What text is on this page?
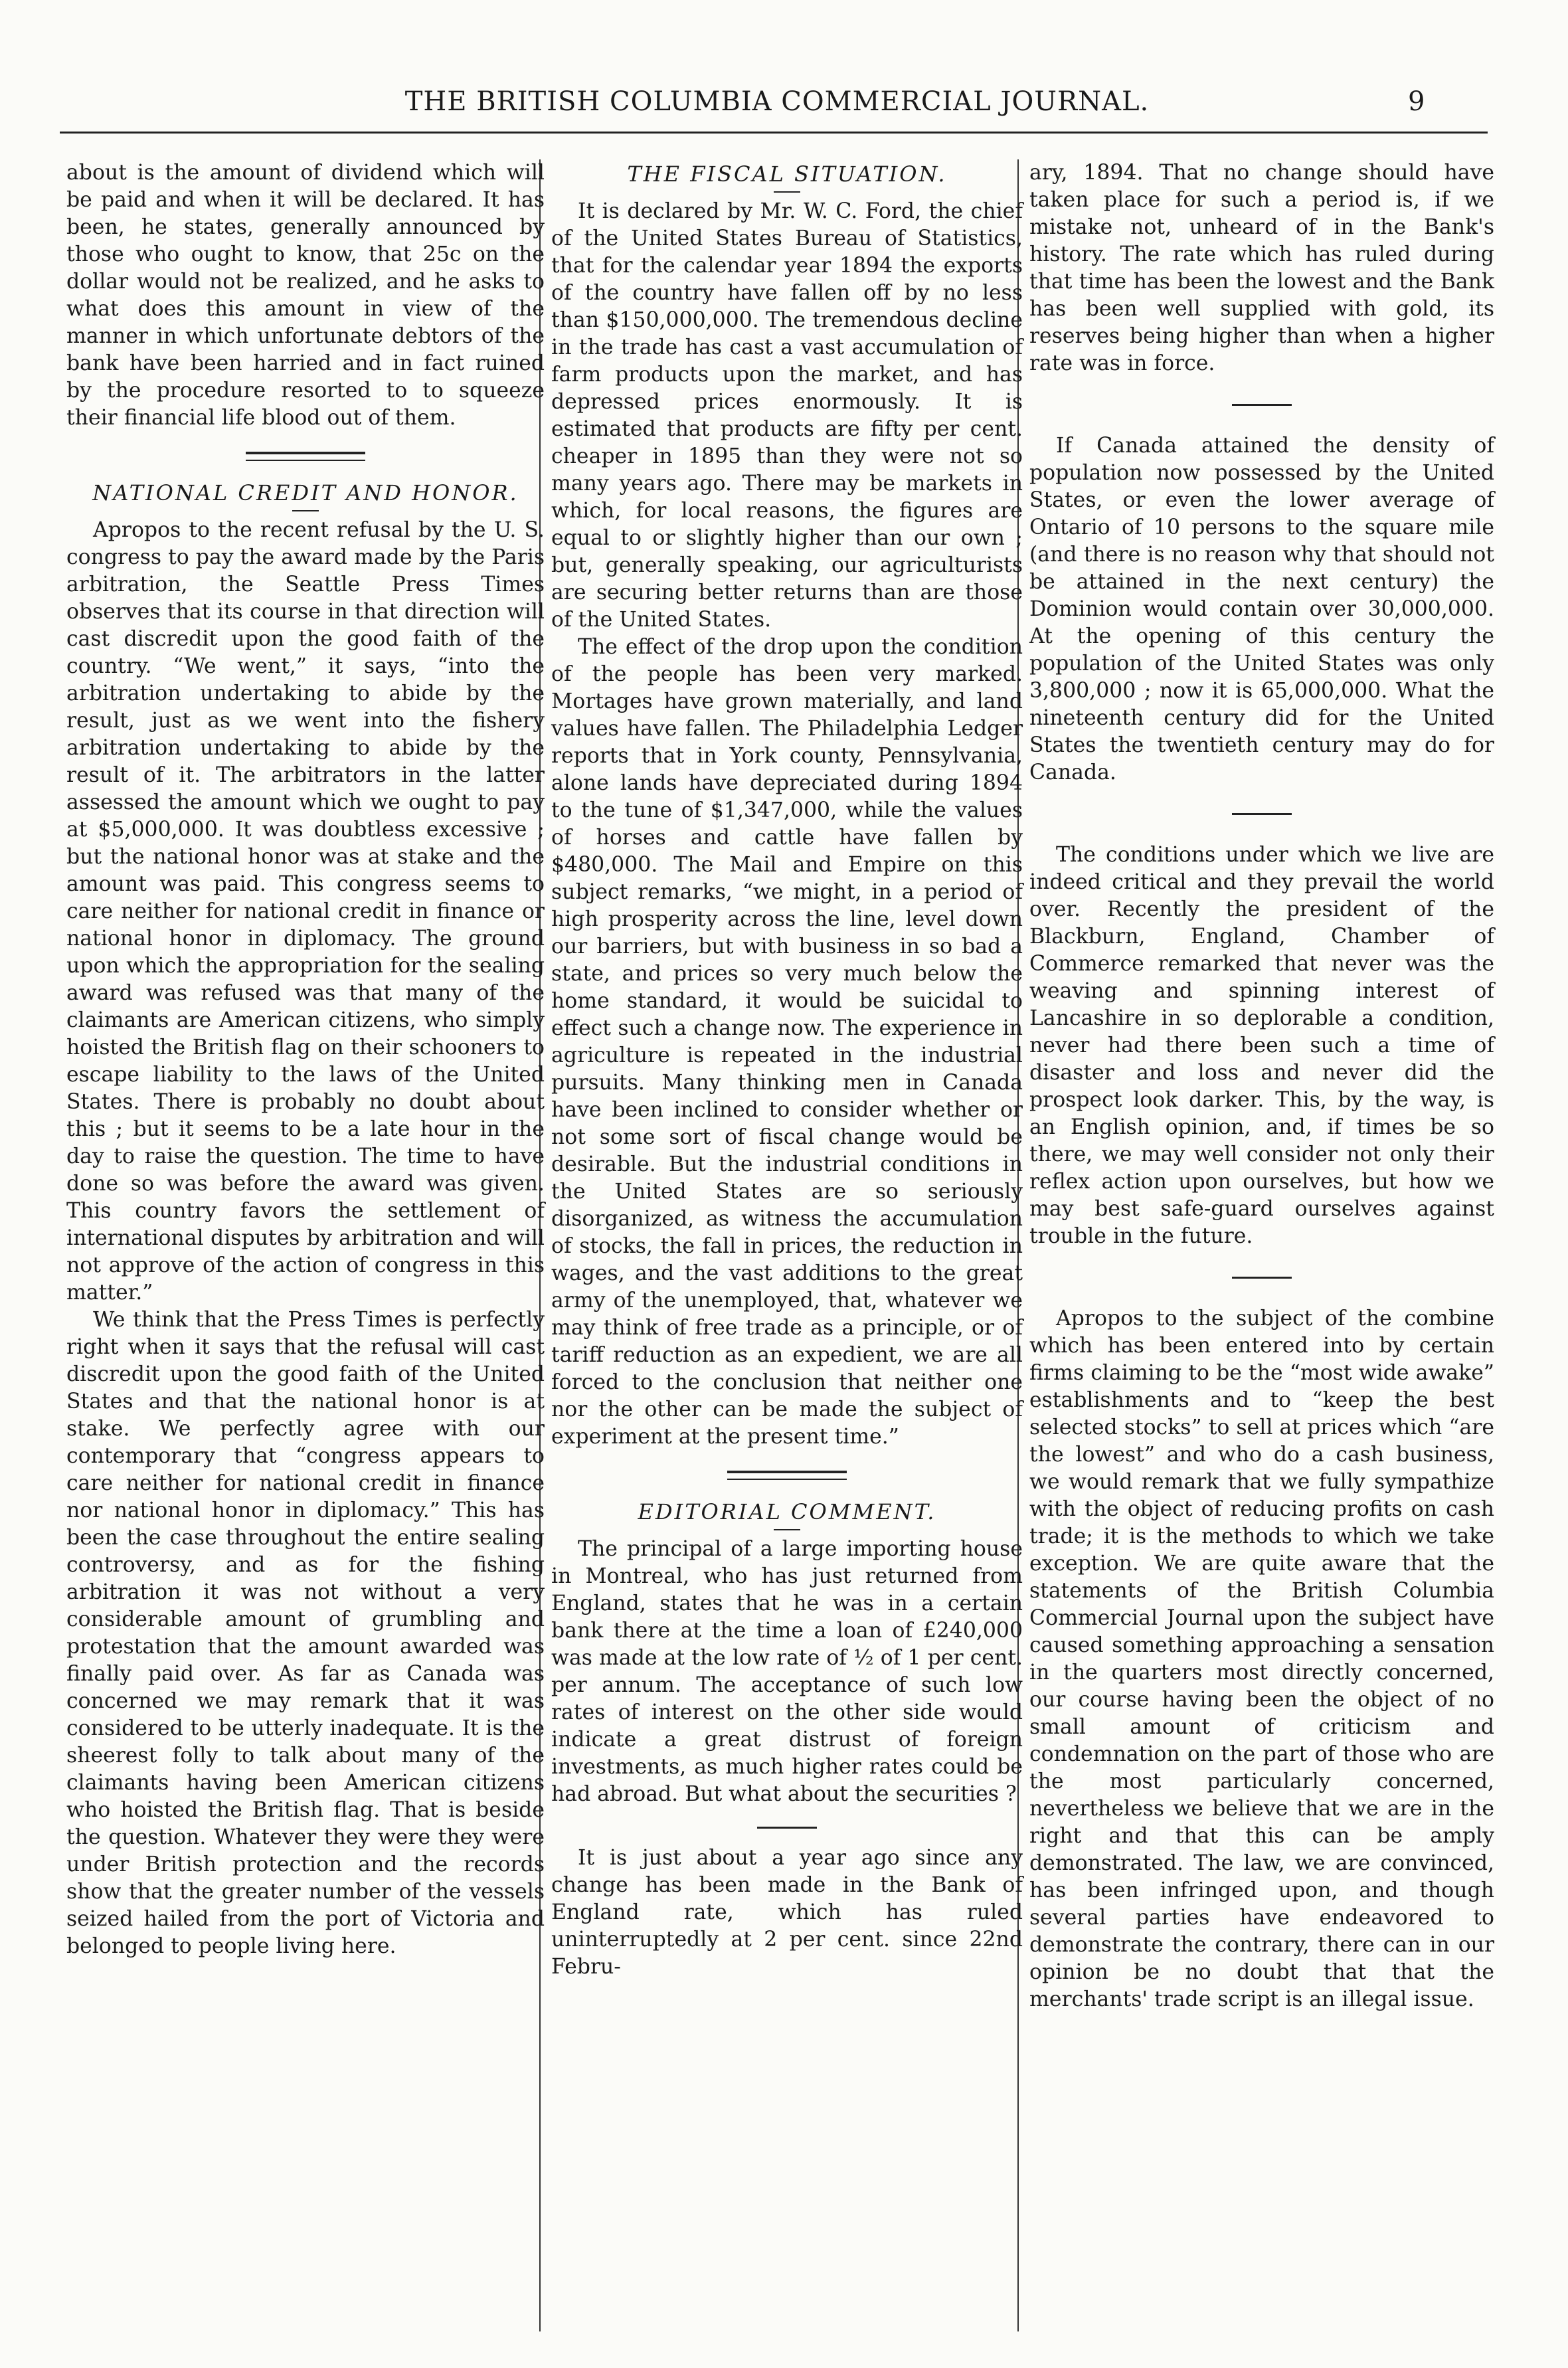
THE BRITISH COLUMBIA COMMERCIAL JOURNAL.	9

about is the amount of dividend which will be paid and when it will be declared. It has been, he states, generally announced by those who ought to know, that 25c on the dollar would not be realized, and he asks to what does this amount in view of the manner in which unfortunate debtors of the bank have been harried and in fact ruined by the procedure resorted to to squeeze their financial life blood out of them.

NATIONAL CREDIT AND HONOR.

Apropos to the recent refusal by the U. S. congress to pay the award made by the Paris arbitration, the Seattle Press Times observes that its course in that direction will cast discredit upon the good faith of the country. “We went,” it says, “into the arbitration undertaking to abide by the result, just as we went into the fishery arbitration undertaking to abide by the result of it. The arbitrators in the latter assessed the amount which we ought to pay at $5,000,000. It was doubtless excessive ; but the national honor was at stake and the amount was paid. This congress seems to care neither for national credit in finance or national honor in diplomacy. The ground upon which the appropriation for the sealing award was refused was that many of the claimants are American citizens, who simply hoisted the British flag on their schooners to escape liability to the laws of the United States. There is probably no doubt about this ; but it seems to be a late hour in the day to raise the question. The time to have done so was before the award was given. This country favors the settlement of international disputes by arbitration and will not approve of the action of congress in this matter.”

We think that the Press Times is perfectly right when it says that the refusal will cast discredit upon the good faith of the United States and that the national honor is at stake. We perfectly agree with our contemporary that “congress appears to care neither for national credit in finance nor national honor in diplomacy.” This has been the case throughout the entire sealing controversy, and as for the fishing arbitration it was not without a very considerable amount of grumbling and protestation that the amount awarded was finally paid over. As far as Canada was concerned we may remark that it was considered to be utterly inadequate. It is the sheerest folly to talk about many of the claimants having been American citizens who hoisted the British flag. That is beside the question. Whatever they were they were under British protection and the records show that the greater number of the vessels seized hailed from the port of Victoria and belonged to people living here.

THE FISCAL SITUATION.

It is declared by Mr. W. C. Ford, the chief of the United States Bureau of Statistics, that for the calendar year 1894 the exports of the country have fallen off by no less than $150,000,000. The tremendous decline in the trade has cast a vast accumulation of farm products upon the market, and has depressed prices enormously. It is estimated that products are fifty per cent. cheaper in 1895 than they were not so many years ago. There may be markets in which, for local reasons, the figures are equal to or slightly higher than our own ; but, generally speaking, our agriculturists are securing better returns than are those of the United States.

The effect of the drop upon the condition of the people has been very marked. Mortages have grown materially, and land values have fallen. The Philadelphia Ledger reports that in York county, Pennsylvania, alone lands have depreciated during 1894 to the tune of $1,347,000, while the values of horses and cattle have fallen by $480,000. The Mail and Empire on this subject remarks, “we might, in a period of high prosperity across the line, level down our barriers, but with business in so bad a state, and prices so very much below the home standard, it would be suicidal to effect such a change now. The experience in agriculture is repeated in the industrial pursuits. Many thinking men in Canada have been inclined to consider whether or not some sort of fiscal change would be desirable. But the industrial conditions in the United States are so seriously disorganized, as witness the accumulation of stocks, the fall in prices, the reduction in wages, and the vast additions to the great army of the unemployed, that, whatever we may think of free trade as a principle, or of tariff reduction as an expedient, we are all forced to the conclusion that neither one nor the other can be made the subject of experiment at the present time.”

EDITORIAL COMMENT.

The principal of a large importing house in Montreal, who has just returned from England, states that he was in a certain bank there at the time a loan of £240,000 was made at the low rate of ½ of 1 per cent. per annum. The acceptance of such low rates of interest on the other side would indicate a great distrust of foreign investments, as much higher rates could be had abroad. But what about the securities ?

It is just about a year ago since any change has been made in the Bank of England rate, which has ruled uninterruptedly at 2 per cent. since 22nd Febru-

ary, 1894. That no change should have taken place for such a period is, if we mistake not, unheard of in the Bank's history. The rate which has ruled during that time has been the lowest and the Bank has been well supplied with gold, its reserves being higher than when a higher rate was in force.

If Canada attained the density of population now possessed by the United States, or even the lower average of Ontario of 10 persons to the square mile (and there is no reason why that should not be attained in the next century) the Dominion would contain over 30,000,000. At the opening of this century the population of the United States was only 3,800,000 ; now it is 65,000,000. What the nineteenth century did for the United States the twentieth century may do for Canada.

The conditions under which we live are indeed critical and they prevail the world over. Recently the president of the Blackburn, England, Chamber of Commerce remarked that never was the weaving and spinning interest of Lancashire in so deplorable a condition, never had there been such a time of disaster and loss and never did the prospect look darker. This, by the way, is an English opinion, and, if times be so there, we may well consider not only their reflex action upon ourselves, but how we may best safe-guard ourselves against trouble in the future.

Apropos to the subject of the combine which has been entered into by certain firms claiming to be the “most wide awake” establishments and to “keep the best selected stocks” to sell at prices which “are the lowest” and who do a cash business, we would remark that we fully sympathize with the object of reducing profits on cash trade; it is the methods to which we take exception. We are quite aware that the statements of the British Columbia Commercial Journal upon the subject have caused something approaching a sensation in the quarters most directly concerned, our course having been the object of no small amount of criticism and condemnation on the part of those who are the most particularly concerned, nevertheless we believe that we are in the right and that this can be amply demonstrated. The law, we are convinced, has been infringed upon, and though several parties have endeavored to demonstrate the contrary, there can in our opinion be no doubt that that the merchants' trade script is an illegal issue.
